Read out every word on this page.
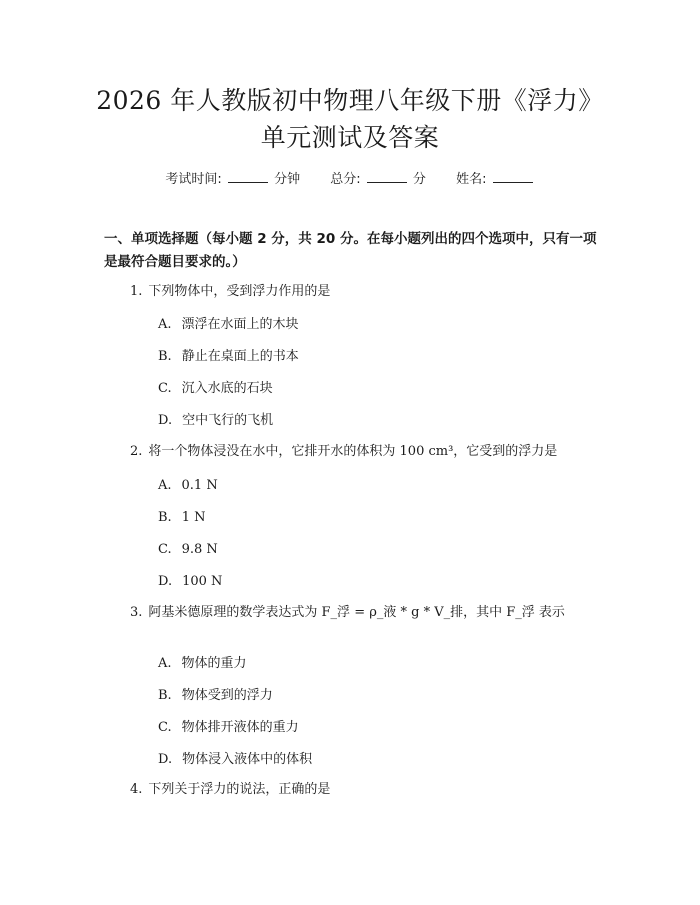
2026 年人教版初中物理八年级下册《浮力》
单元测试及答案
考试时间:	分钟 总分:	分 姓名:
一、单项选择题（每小题 2 分，共 20 分。在每小题列出的四个选项中，只有一项是最符合题目要求的。）
1. 下列物体中，受到浮力作用的是
A. 漂浮在水面上的木块
B. 静止在桌面上的书本
C. 沉入水底的石块
D. 空中飞行的飞机
2. 将一个物体浸没在水中，它排开水的体积为 100 cm³，它受到的浮力是
A. 0.1 N
B. 1 N
C. 9.8 N
D. 100 N
3. 阿基米德原理的数学表达式为 F_浮 = ρ_液 * g * V_排，其中 F_浮 表示
A. 物体的重力
B. 物体受到的浮力
C. 物体排开液体的重力
D. 物体浸入液体中的体积
4. 下列关于浮力的说法，正确的是
